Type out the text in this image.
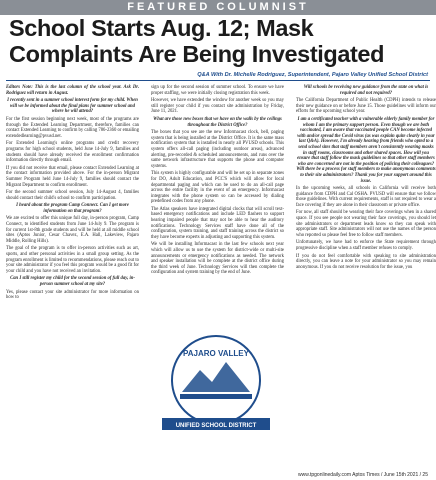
FEATURED COLUMNIST
School Starts Aug. 12; Mask
Complaints Are Being Investigated
Q&A With Dr. Michelle Rodriguez, Superintendent, Pajaro Valley Unified School District

Editors Note: This is the last column of the school year. Ask Dr. Rodriguez will return in August.

I recently sent in a summer school interest form for my child. When will we be informed about the final plans for summer school and where he will attend?

For the first session beginning next week, most of the programs are through the Extended Learning Department, therefore, families can contact Extended Learning to confirm by calling 786-2360 or emailing extendedlearning@pvusd.net.

For Extended Learning's online programs and credit recovery programs for high school students, held June 14-July 9, families and students should have already received the enrollment confirmation information directly through email.

If you did not receive that email, please contact Extended Learning at the contact information provided above. For the in-person Migrant Summer Program held June 14-July 9, families should contact the Migrant Department to confirm enrollment.

For the second summer school session, July 14-August 4, families should contact their child's school to confirm participation.

I heard about the program Camp Connect. Can I get more information on that program?

We are excited to offer this unique full day, in-person program, Camp Connect, to identified students from June 14-July 9. The program is for current 1st-8th grade students and will be held at all middle school sites (Aptos Junior, Cesar Chavez, E.A. Hall, Lakeview, Pajaro Middle, Rolling Hills).

The goal of the program is to offer in-person activities such as art, sports, and other personal activities in a small group setting. As the program enrollment is limited to recommendations, please reach out to your site administrator if you feel this program would be a good fit for your child and you have not received an invitation.

Can I still register my child for the second session of full day, in-person summer school at my site?

Yes, please contact your site administrator for more information on how to

sign up for the second session of summer school. To ensure we have proper staffing, we were initially closing registration this week.

However, we have extended the window for another week so you may still register your child if you contact site administration by Friday, June 11, 2021.

What are those new boxes that we have on the walls by the ceilings throughout the District Office?

The boxes that you see are the new Informacast clock, bell, paging system that is being installed at the District Office. It is the same mass notification system that is installed in nearly all PVUSD schools. This system offers all-call paging (including outdoor areas), advanced alerting, pre-recorded & scheduled announcements, and runs over the same network infrastructure that supports the phone and computer systems.

This system is highly configurable and will be set up in separate zones for DO, Adult Education, and PCC'S which will allow for local departmental paging and which can be used to do an all-call page across the entire facility in the event of an emergency. Informacast integrates with the phone system so can be accessed by dialing predefined codes from any phone.

The Atlas speakers have integrated digital clocks that will scroll text-based emergency notifications and include LED flashers to support hearing impaired people that may not be able to hear the auditory notifications. Technology Services staff have done all of the configuration, system training, and staff training across the district so they have become experts in adjusting and supporting this system.

We will be installing Informacast in the last few schools next year which will allow us to use the system for district-wide or multi-site announcements or emergency notifications as needed. The network and speaker installation will be complete at the district office during the third week of June. Technology Services will then complete the configuration and system training by the end of June.

Will schools be receiving new guidance from the state on what is required and not required?

The California Department of Public Health (CDPH) intends to release their new guidance on or before June 15. Those guidelines will inform our efforts for the upcoming school year.

I am a certificated teacher with a vulnerable elderly family member for whom I am the primary support person. Even though we are both vaccinated, I am aware that vaccinated people CAN become infected with and/or spread the Covid virus (as was explain quite clearly in your last Q&A). However, I'm already hearing from friends who opted to a send school sites that staff members aren't consistently wearing masks in staff rooms, classrooms and other shared spaces. How will you ensure that staff follow the mask guidelines so that other staff members who are concerned are not in the position of policing their colleagues? Will there be a process for staff members to make anonymous comments to their site administrators? Thank you for your support around this issue.

In the upcoming weeks, all schools in California will receive both guidance from CDPH and Cal OSHA. PVUSD will ensure that we follow those guidelines. With current requirements, staff is not required to wear a face covering if they are alone in their classroom or private office.

For now, all staff should be wearing their face coverings when in a shared space. If you see people not wearing their face coverings, you should let site administrators or department leads know so they can speak with appropriate staff. Site administrators will not use the names of the person who reported so please feel free to follow staff members.

Unfortunately, we have had to enforce the State requirement through progressive discipline when a staff member refuses to comply.

If you do not feel comfortable with speaking to site administration directly, you can leave a note for your administrator so you may remain anonymous. If you do not receive resolution for the issue, you

PAJARO VALLEY
UNIFIED SCHOOL DISTRICT
www.tpgonlinedaily.com Aptos Times / June 15th 2021 / 25
